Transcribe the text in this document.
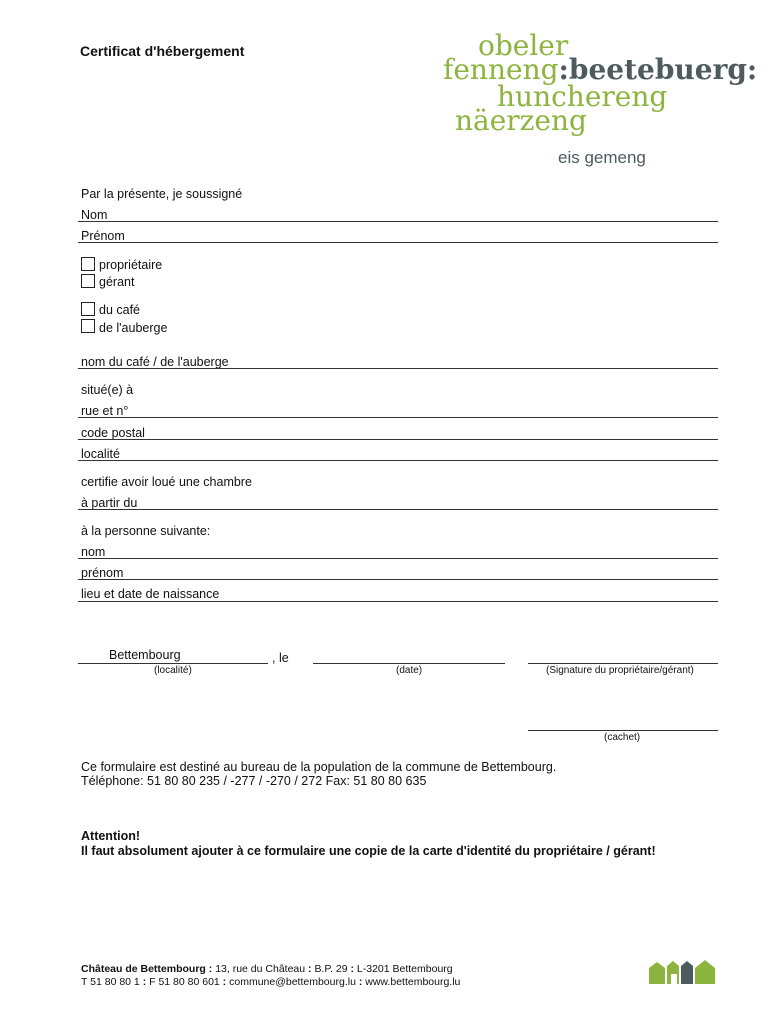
Certificat d'hébergement	obeler
fenneng:beetebuerg:
hunchereng
näerzeng
eis gemeng
Par la présente, je soussigné
Nom
Prénom
propriétaire
gérant
du café
de l'auberge
nom du café / de l'auberge
situé(e) à
rue et n°
code postal
localité
certifie avoir loué une chambre
à partir du
à la personne suivante:
nom
prénom
lieu et date de naissance
Bettembourg	, le
(localité)	(date)	(Signature du propriétaire/gérant)
(cachet)
Ce formulaire est destiné au bureau de la population de la commune de Bettembourg.
Téléphone: 51 80 80 235 / -277 / -270 / 272 Fax: 51 80 80 635
Attention!
Il faut absolument ajouter à ce formulaire une copie de la carte d'identité du propriétaire / gérant!
Château de Bettembourg : 13, rue du Château : B.P. 29 : L-3201 Bettembourg
T 51 80 80 1 : F 51 80 80 601 : commune@bettembourg.lu : www.bettembourg.lu
